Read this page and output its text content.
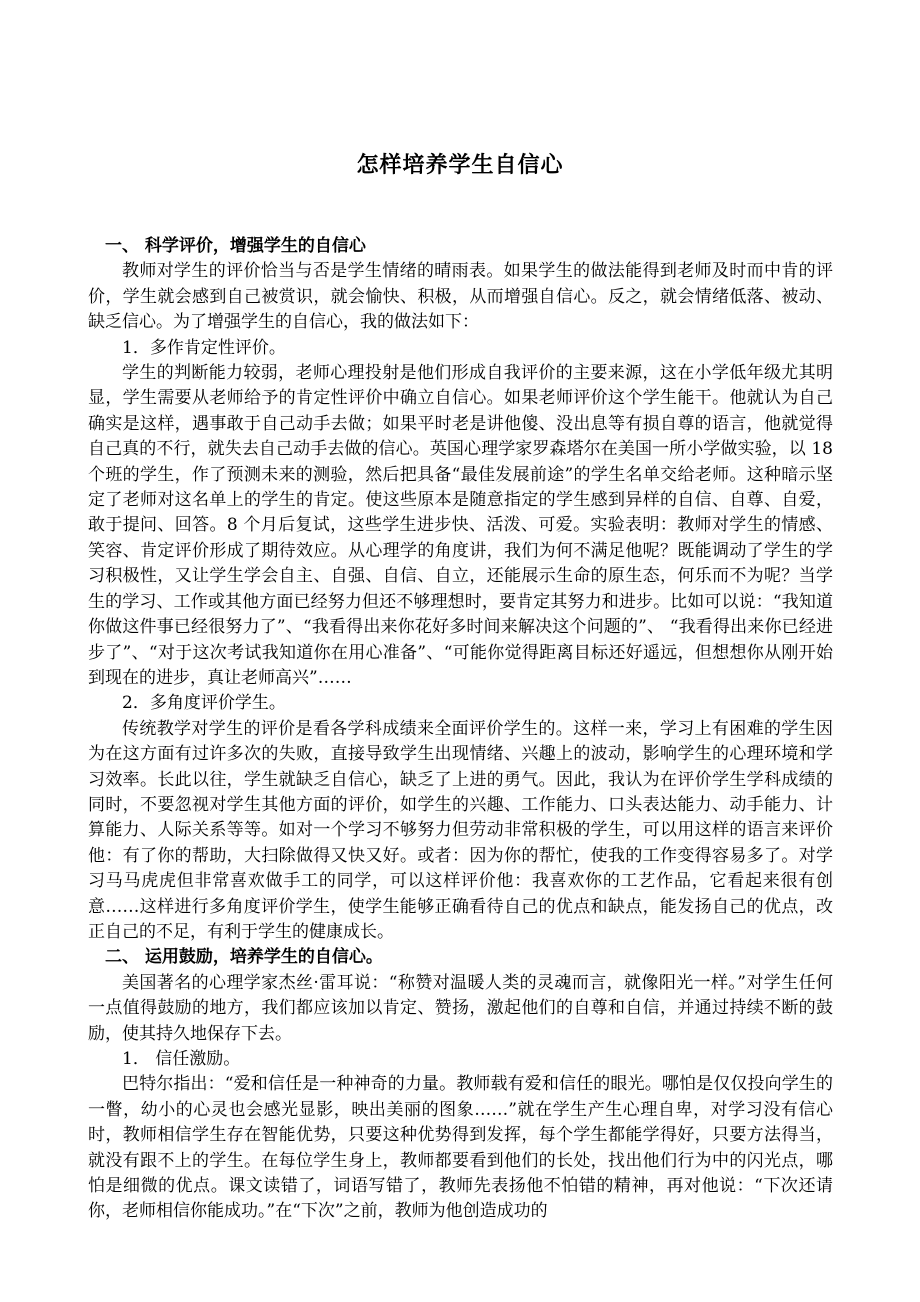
怎样培养学生自信心

一、 科学评价，增强学生的自信心

教师对学生的评价恰当与否是学生情绪的晴雨表。如果学生的做法能得到老师及时而中肯的评价，学生就会感到自己被赏识，就会愉快、积极，从而增强自信心。反之，就会情绪低落、被动、缺乏信心。为了增强学生的自信心，我的做法如下：

1．多作肯定性评价。

学生的判断能力较弱，老师心理投射是他们形成自我评价的主要来源，这在小学低年级尤其明显，学生需要从老师给予的肯定性评价中确立自信心。如果老师评价这个学生能干。他就认为自己确实是这样，遇事敢于自己动手去做；如果平时老是讲他傻、没出息等有损自尊的语言，他就觉得自己真的不行，就失去自己动手去做的信心。英国心理学家罗森塔尔在美国一所小学做实验，以 18 个班的学生，作了预测未来的测验，然后把具备“最佳发展前途”的学生名单交给老师。这种暗示坚定了老师对这名单上的学生的肯定。使这些原本是随意指定的学生感到异样的自信、自尊、自爱，敢于提问、回答。8 个月后复试，这些学生进步快、活泼、可爱。实验表明：教师对学生的情感、笑容、肯定评价形成了期待效应。从心理学的角度讲，我们为何不满足他呢？既能调动了学生的学习积极性，又让学生学会自主、自强、自信、自立，还能展示生命的原生态，何乐而不为呢？当学生的学习、工作或其他方面已经努力但还不够理想时，要肯定其努力和进步。比如可以说：“我知道你做这件事已经很努力了”、“我看得出来你花好多时间来解决这个问题的”、 “我看得出来你已经进步了”、“对于这次考试我知道你在用心准备”、“可能你觉得距离目标还好遥远，但想想你从刚开始到现在的进步，真让老师高兴”……

2．多角度评价学生。

传统教学对学生的评价是看各学科成绩来全面评价学生的。这样一来，学习上有困难的学生因为在这方面有过许多次的失败，直接导致学生出现情绪、兴趣上的波动，影响学生的心理环境和学习效率。长此以往，学生就缺乏自信心，缺乏了上进的勇气。因此，我认为在评价学生学科成绩的同时，不要忽视对学生其他方面的评价，如学生的兴趣、工作能力、口头表达能力、动手能力、计算能力、人际关系等等。如对一个学习不够努力但劳动非常积极的学生，可以用这样的语言来评价他：有了你的帮助，大扫除做得又快又好。或者：因为你的帮忙，使我的工作变得容易多了。对学习马马虎虎但非常喜欢做手工的同学，可以这样评价他：我喜欢你的工艺作品，它看起来很有创意……这样进行多角度评价学生，使学生能够正确看待自己的优点和缺点，能发扬自己的优点，改正自己的不足，有利于学生的健康成长。

二、 运用鼓励，培养学生的自信心。

美国著名的心理学家杰丝·雷耳说：“称赞对温暖人类的灵魂而言，就像阳光一样。”对学生任何一点值得鼓励的地方，我们都应该加以肯定、赞扬，激起他们的自尊和自信，并通过持续不断的鼓励，使其持久地保存下去。

1． 信任激励。

巴特尔指出：“爱和信任是一种神奇的力量。教师载有爱和信任的眼光。哪怕是仅仅投向学生的一瞥，幼小的心灵也会感光显影，映出美丽的图象……”就在学生产生心理自卑，对学习没有信心时，教师相信学生存在智能优势，只要这种优势得到发挥，每个学生都能学得好，只要方法得当，就没有跟不上的学生。在每位学生身上，教师都要看到他们的长处，找出他们行为中的闪光点，哪怕是细微的优点。课文读错了，词语写错了，教师先表扬他不怕错的精神，再对他说：“下次还请你，老师相信你能成功。”在“下次”之前，教师为他创造成功的
